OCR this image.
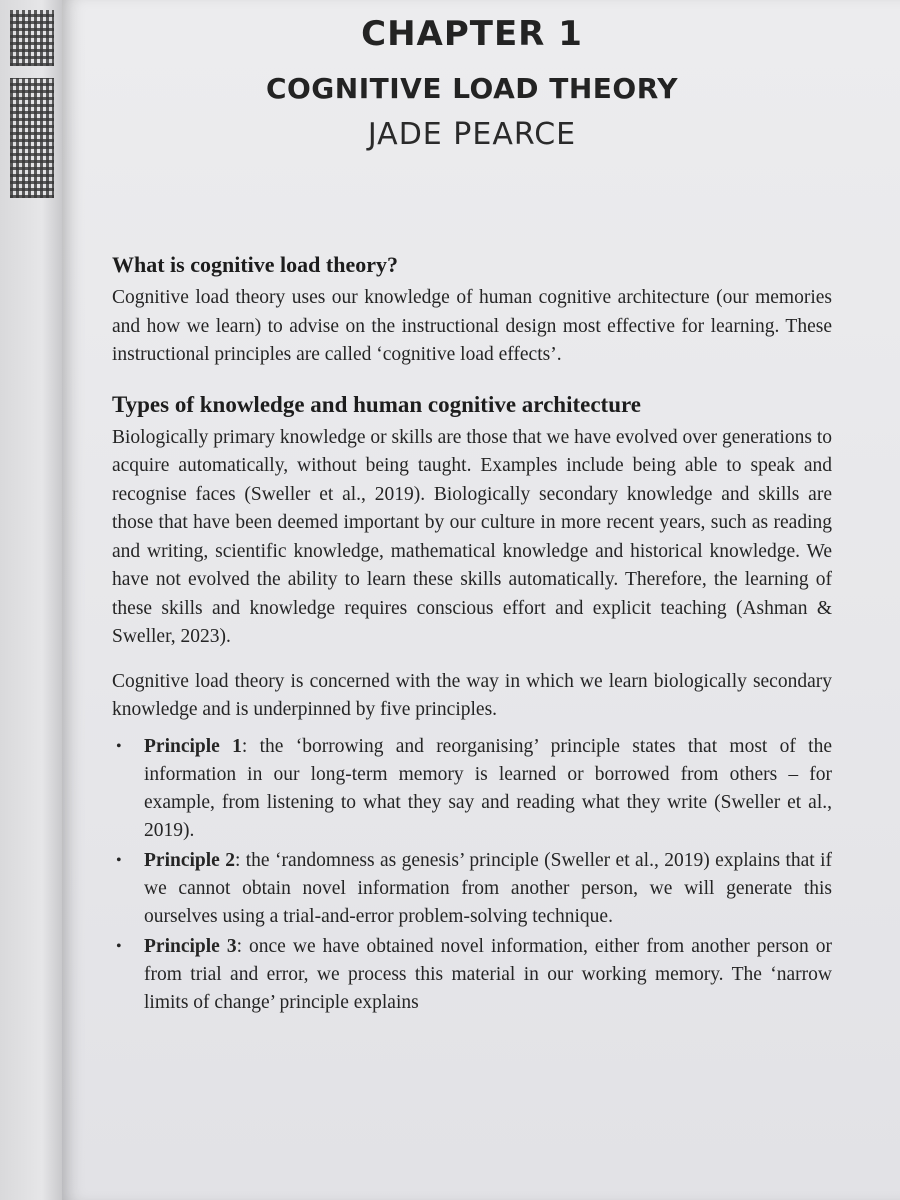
CHAPTER 1
COGNITIVE LOAD THEORY
JADE PEARCE
What is cognitive load theory?

Cognitive load theory uses our knowledge of human cognitive architecture (our memories and how we learn) to advise on the instructional design most effective for learning. These instructional principles are called ‘cognitive load effects’.

Types of knowledge and human cognitive architecture

Biologically primary knowledge or skills are those that we have evolved over generations to acquire automatically, without being taught. Examples include being able to speak and recognise faces (Sweller et al., 2019). Biologically secondary knowledge and skills are those that have been deemed important by our culture in more recent years, such as reading and writing, scientific knowledge, mathematical knowledge and historical knowledge. We have not evolved the ability to learn these skills automatically. Therefore, the learning of these skills and knowledge requires conscious effort and explicit teaching (Ashman & Sweller, 2023).

Cognitive load theory is concerned with the way in which we learn biologically secondary knowledge and is underpinned by five principles.

• Principle 1: the ‘borrowing and reorganising’ principle states that most of the information in our long-term memory is learned or borrowed from others – for example, from listening to what they say and reading what they write (Sweller et al., 2019).
• Principle 2: the ‘randomness as genesis’ principle (Sweller et al., 2019) explains that if we cannot obtain novel information from another person, we will generate this ourselves using a trial-and-error problem-solving technique.
• Principle 3: once we have obtained novel information, either from another person or from trial and error, we process this material in our working memory. The ‘narrow limits of change’ principle explains
